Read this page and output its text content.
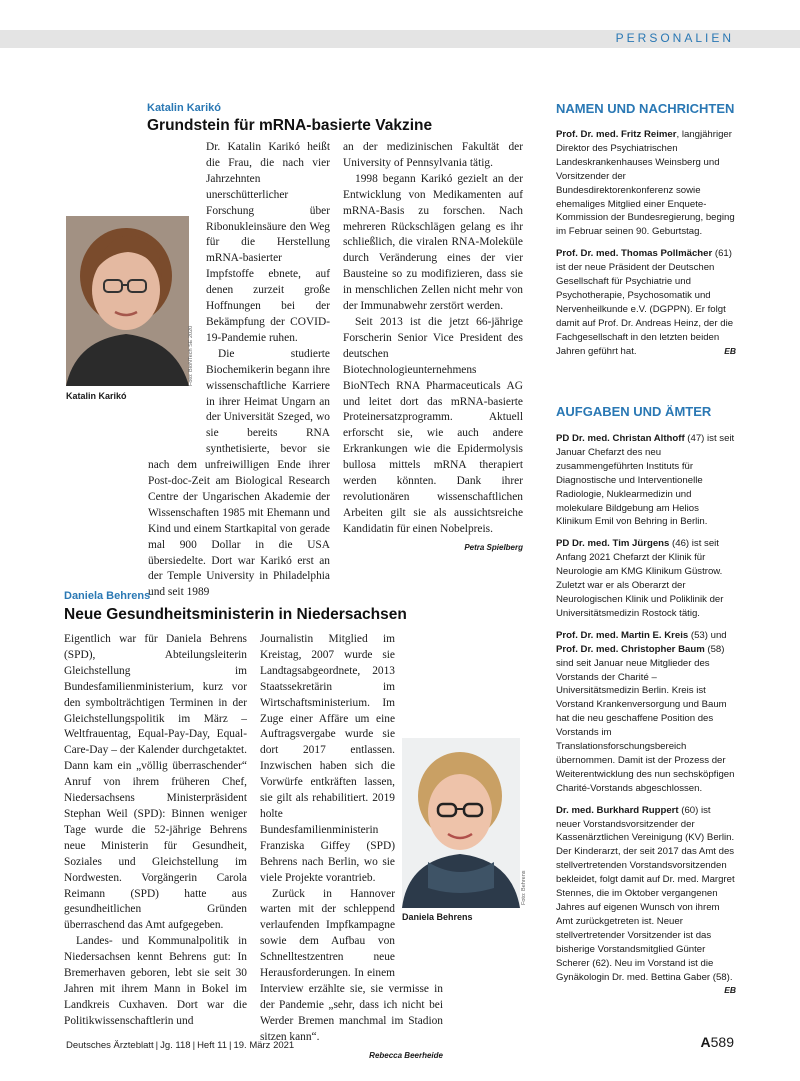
PERSONALIEN
Katalin Karikó
Grundstein für mRNA-basierte Vakzine
Foto: BioNTech SE 2020
Katalin Karikó

Dr. Katalin Karikó heißt die Frau, die nach vier Jahrzehnten unerschütterlicher Forschung über Ribonukleinsäure den Weg für die Herstellung mRNA-basierter Impfstoffe ebnete, auf denen zurzeit große Hoffnungen bei der Bekämpfung der COVID-19-Pandemie ruhen.

Die studierte Biochemikerin begann ihre wissenschaftliche Karriere in ihrer Heimat Ungarn an der Universität Szeged, wo sie bereits RNA synthetisierte, bevor sie nach dem unfreiwilligen Ende ihrer Post-doc-Zeit am Biological Research Centre der Ungarischen Akademie der Wissenschaften 1985 mit Ehemann und Kind und einem Startkapital von gerade mal 900 Dollar in die USA übersiedelte. Dort war Karikó erst an der Temple University in Philadelphia und seit 1989

an der medizinischen Fakultät der University of Pennsylvania tätig.

1998 begann Karikó gezielt an der Entwicklung von Medikamenten auf mRNA-Basis zu forschen. Nach mehreren Rückschlägen gelang es ihr schließlich, die viralen RNA-Moleküle durch Veränderung eines der vier Bausteine so zu modifizieren, dass sie in menschlichen Zellen nicht mehr von der Immunabwehr zerstört werden.

Seit 2013 ist die jetzt 66-jährige Forscherin Senior Vice President des deutschen Biotechnologieunternehmens BioNTech RNA Pharmaceuticals AG und leitet dort das mRNA-basierte Proteinersatzprogramm. Aktuell erforscht sie, wie auch andere Erkrankungen wie die Epidermolysis bullosa mittels mRNA therapiert werden könnten. Dank ihrer revolutionären wissenschaftlichen Arbeiten gilt sie als aussichtsreiche Kandidatin für einen Nobelpreis.

Petra Spielberg
Daniela Behrens
Neue Gesundheitsministerin in Niedersachsen

Eigentlich war für Daniela Behrens (SPD), Abteilungsleiterin Gleichstellung im Bundesfamilienministerium, kurz vor den symbolträchtigen Terminen in der Gleichstellungspolitik im März – Weltfrauentag, Equal-Pay-Day, Equal-Care-Day – der Kalender durchgetaktet. Dann kam ein „völlig überraschender“ Anruf von ihrem früheren Chef, Niedersachsens Ministerpräsident Stephan Weil (SPD): Binnen weniger Tage wurde die 52-jährige Behrens neue Ministerin für Gesundheit, Soziales und Gleichstellung im Nordwesten. Vorgängerin Carola Reimann (SPD) hatte aus gesundheitlichen Gründen überraschend das Amt aufgegeben.

Landes- und Kommunalpolitik in Niedersachsen kennt Behrens gut: In Bremerhaven geboren, lebt sie seit 30 Jahren mit ihrem Mann in Bokel im Landkreis Cuxhaven. Dort war die Politikwissenschaftlerin und

Foto: Behrens
Daniela Behrens

Journalistin Mitglied im Kreistag, 2007 wurde sie Landtagsabgeordnete, 2013 Staatssekretärin im Wirtschaftsministerium. Im Zuge einer Affäre um eine Auftragsvergabe wurde sie dort 2017 entlassen. Inzwischen haben sich die Vorwürfe entkräften lassen, sie gilt als rehabilitiert. 2019 holte Bundesfamilienministerin Franziska Giffey (SPD) Behrens nach Berlin, wo sie viele Projekte vorantrieb.

Zurück in Hannover warten mit der schleppend verlaufenden Impfkampagne sowie dem Aufbau von Schnelltestzentren neue Herausforderungen. In einem Interview erzählte sie, sie vermisse in der Pandemie „sehr, dass ich nicht bei Werder Bremen manchmal im Stadion sitzen kann“.

Rebecca Beerheide
NAMEN UND NACHRICHTEN

Prof. Dr. med. Fritz Reimer, langjähriger Direktor des Psychiatrischen Landeskrankenhauses Weinsberg und Vorsitzender der Bundesdirektorenkonferenz sowie ehemaliges Mitglied einer Enquete-Kommission der Bundesregierung, beging im Februar seinen 90. Geburtstag.

Prof. Dr. med. Thomas Pollmächer (61) ist der neue Präsident der Deutschen Gesellschaft für Psychiatrie und Psychotherapie, Psychosomatik und Nervenheilkunde e.V. (DGPPN). Er folgt damit auf Prof. Dr. Andreas Heinz, der die Fachgesellschaft in den letzten beiden Jahren geführt hat.	EB

AUFGABEN UND ÄMTER

PD Dr. med. Christan Althoff (47) ist seit Januar Chefarzt des neu zusammengeführten Instituts für Diagnostische und Interventionelle Radiologie, Nuklearmedizin und molekulare Bildgebung am Helios Klinikum Emil von Behring in Berlin.

PD Dr. med. Tim Jürgens (46) ist seit Anfang 2021 Chefarzt der Klinik für Neurologie am KMG Klinikum Güstrow. Zuletzt war er als Oberarzt der Neurologischen Klinik und Poliklinik der Universitätsmedizin Rostock tätig.

Prof. Dr. med. Martin E. Kreis (53) und Prof. Dr. med. Christopher Baum (58) sind seit Januar neue Mitglieder des Vorstands der Charité – Universitätsmedizin Berlin. Kreis ist Vorstand Krankenversorgung und Baum hat die neu geschaffene Position des Vorstands im Translationsforschungsbereich übernommen. Damit ist der Prozess der Weiterentwicklung des nun sechsköpfigen Charité-Vorstands abgeschlossen.

Dr. med. Burkhard Ruppert (60) ist neuer Vorstandsvorsitzender der Kassenärztlichen Vereinigung (KV) Berlin. Der Kinderarzt, der seit 2017 das Amt des stellvertretenden Vorstandsvorsitzenden bekleidet, folgt damit auf Dr. med. Margret Stennes, die im Oktober vergangenen Jahres auf eigenen Wunsch von ihrem Amt zurückgetreten ist. Neuer stellvertretender Vorsitzender ist das bisherige Vorstandsmitglied Günter Scherer (62). Neu im Vorstand ist die Gynäkologin Dr. med. Bettina Gaber (58).
EB

Deutsches Ärzteblatt | Jg. 118 | Heft 11 | 19. März 2021	A589
